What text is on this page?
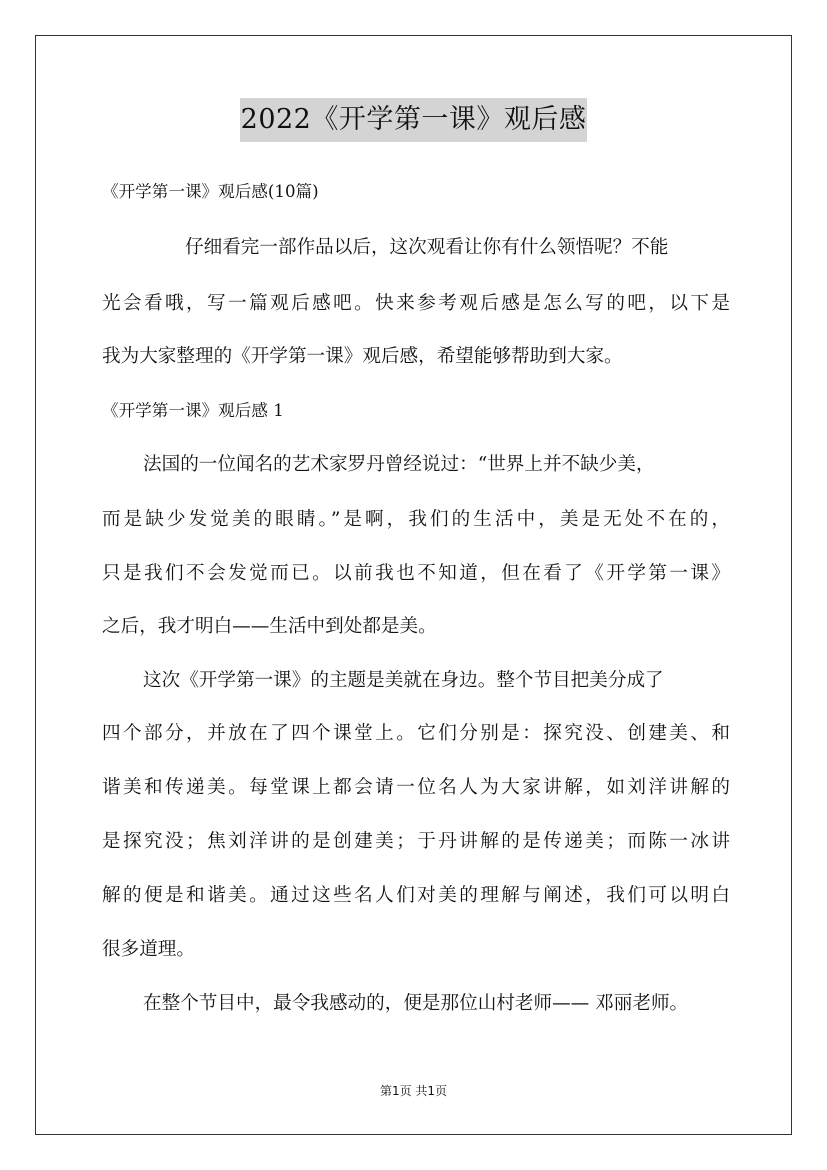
2022《开学第一课》观后感
《开学第一课》观后感(10篇)
仔细看完一部作品以后，这次观看让你有什么领悟呢？不能
光会看哦，写一篇观后感吧。快来参考观后感是怎么写的吧，以下是
我为大家整理的《开学第一课》观后感，希望能够帮助到大家。
《开学第一课》观后感 1
法国的一位闻名的艺术家罗丹曾经说过：“世界上并不缺少美，
而是缺少发觉美的眼睛。”是啊，我们的生活中，美是无处不在的，
只是我们不会发觉而已。以前我也不知道，但在看了《开学第一课》
之后，我才明白——生活中到处都是美。
这次《开学第一课》的主题是美就在身边。整个节目把美分成了
四个部分，并放在了四个课堂上。它们分别是：探究没、创建美、和
谐美和传递美。每堂课上都会请一位名人为大家讲解，如刘洋讲解的
是探究没；焦刘洋讲的是创建美；于丹讲解的是传递美；而陈一冰讲
解的便是和谐美。通过这些名人们对美的理解与阐述，我们可以明白
很多道理。
在整个节目中，最令我感动的，便是那位山村老师—— 邓丽老师。
第1页 共1页
